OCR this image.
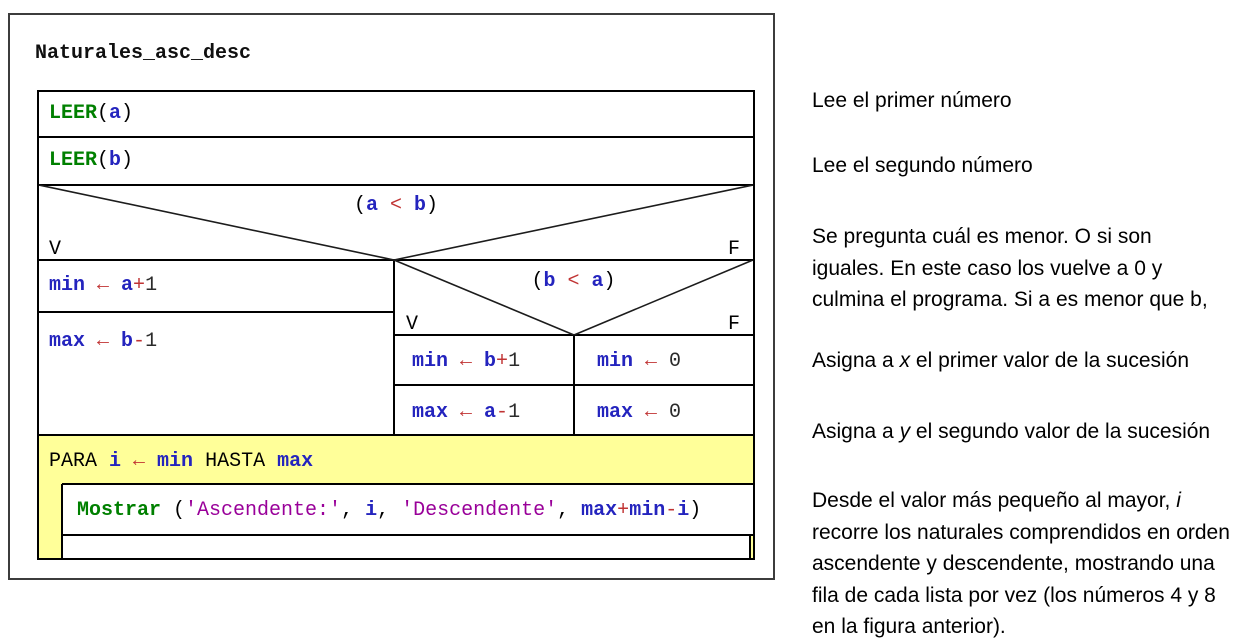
Naturales_asc_desc
LEER(a)
LEER(b)
(a < b)
V	F
min ← a+1
max ← b-1
(b < a)
V	F
min ← b+1	min ← 0
max ← a-1	max ← 0
PARA i ← min HASTA max
Mostrar ('Ascendente:', i, 'Descendente', max+min-i)
Lee el primer número
Lee el segundo número
Se pregunta cuál es menor. O si son
iguales. En este caso los vuelve a 0 y
culmina el programa. Si a es menor que b,
Asigna a x el primer valor de la sucesión
Asigna a y el segundo valor de la sucesión
Desde el valor más pequeño al mayor, i
recorre los naturales comprendidos en orden
ascendente y descendente, mostrando una
fila de cada lista por vez (los números 4 y 8
en la figura anterior).
